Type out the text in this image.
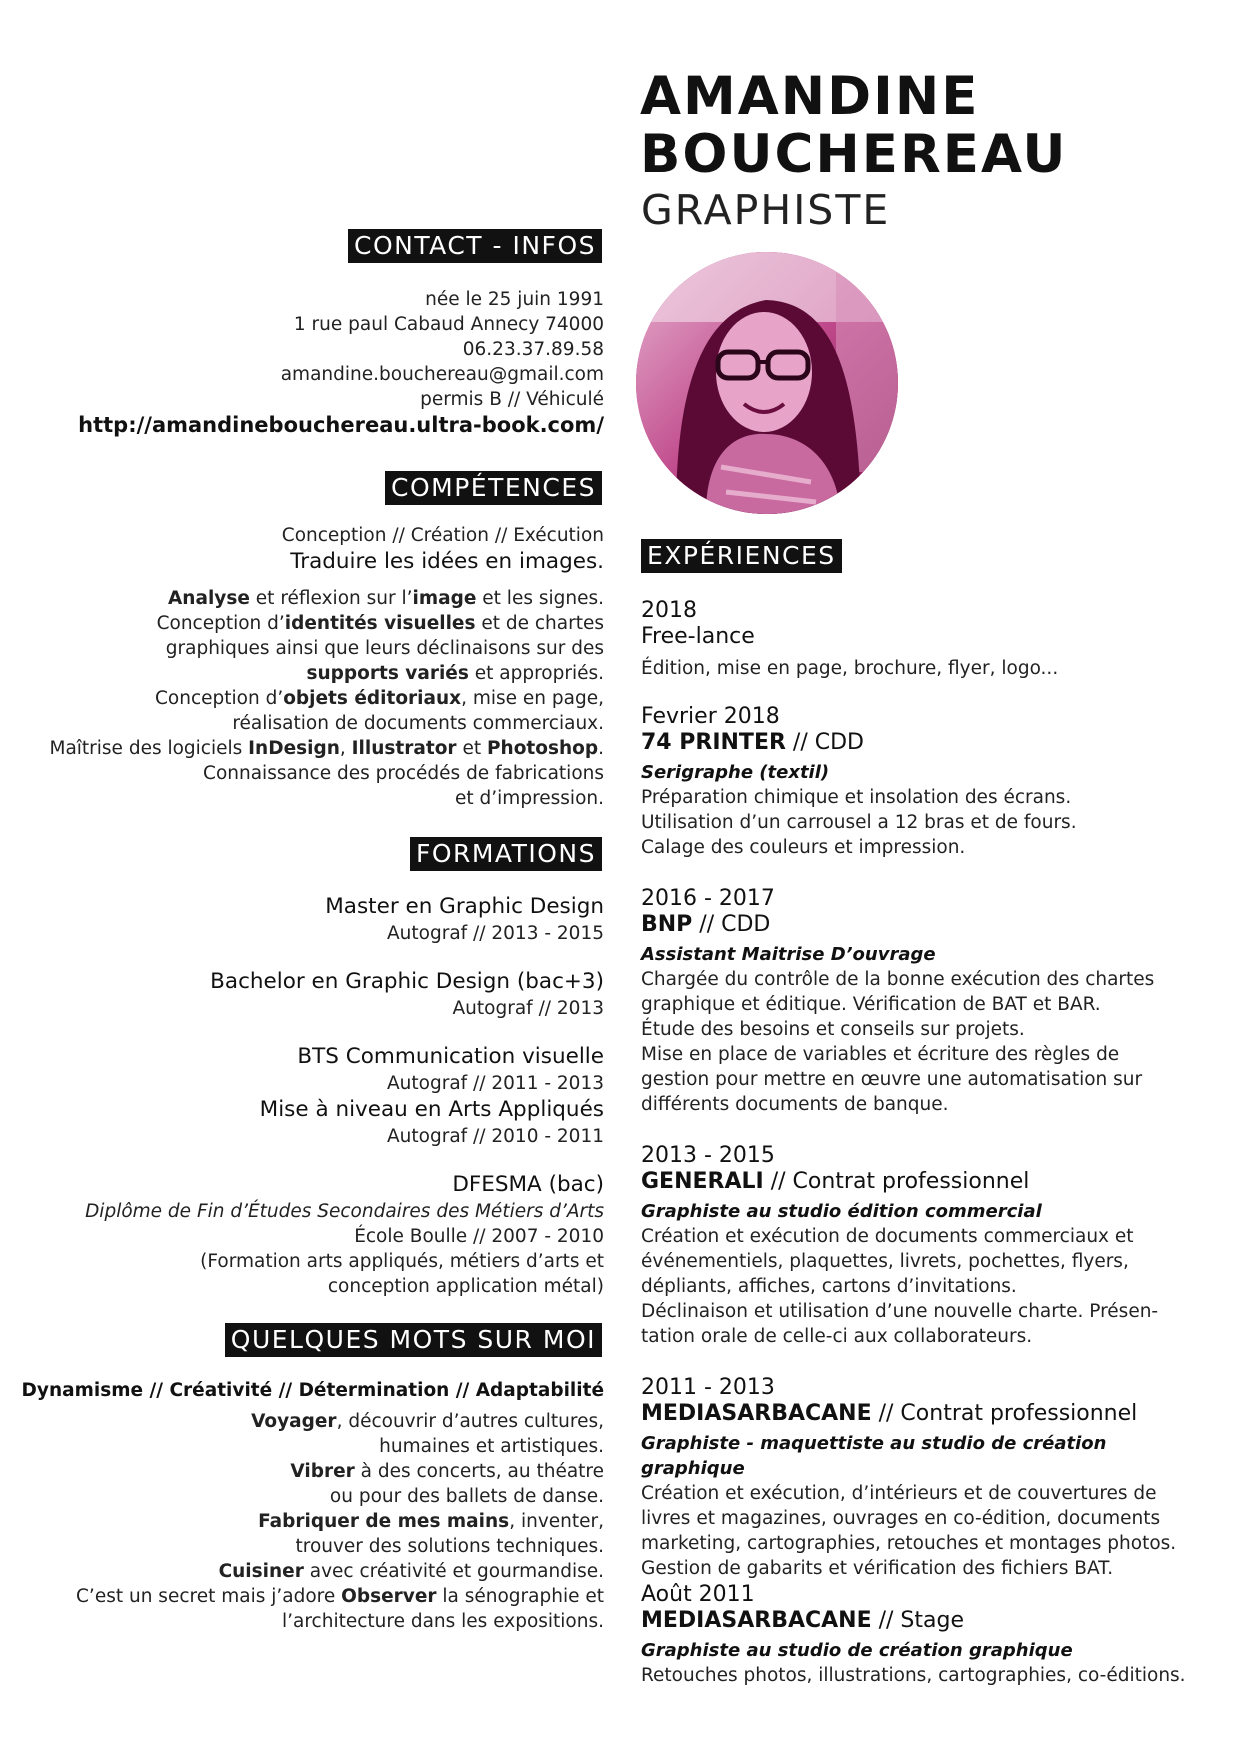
AMANDINE
BOUCHEREAU
GRAPHISTE
CONTACT - INFOS
née le 25 juin 1991
1 rue paul Cabaud Annecy 74000
06.23.37.89.58
amandine.bouchereau@gmail.com
permis B // Véhiculé
http://amandinebouchereau.ultra-book.com/
COMPÉTENCES
Conception // Création // Exécution
Traduire les idées en images.
Analyse et réflexion sur l’image et les signes.
Conception d’identités visuelles et de chartes
graphiques ainsi que leurs déclinaisons sur des
supports variés et appropriés.
Conception d’objets éditoriaux, mise en page,
réalisation de documents commerciaux.
Maîtrise des logiciels InDesign, Illustrator et Photoshop.
Connaissance des procédés de fabrications
et d’impression.
FORMATIONS
Master en Graphic Design
Autograf // 2013 - 2015
Bachelor en Graphic Design (bac+3)
Autograf // 2013
BTS Communication visuelle
Autograf // 2011 - 2013
Mise à niveau en Arts Appliqués
Autograf // 2010 - 2011
DFESMA (bac)
Diplôme de Fin d’Études Secondaires des Métiers d’Arts
École Boulle // 2007 - 2010
(Formation arts appliqués, métiers d’arts et
conception application métal)
QUELQUES MOTS SUR MOI
Dynamisme // Créativité // Détermination // Adaptabilité
Voyager, découvrir d’autres cultures,
humaines et artistiques.
Vibrer à des concerts, au théatre
ou pour des ballets de danse.
Fabriquer de mes mains, inventer,
trouver des solutions techniques.
Cuisiner avec créativité et gourmandise.
C’est un secret mais j’adore Observer la sénographie et
l’architecture dans les expositions.
EXPÉRIENCES
2018
Free-lance
Édition, mise en page, brochure, flyer, logo...
Fevrier 2018
74 PRINTER // CDD
Serigraphe (textil)
Préparation chimique et insolation des écrans.
Utilisation d’un carrousel a 12 bras et de fours.
Calage des couleurs et impression.
2016 - 2017
BNP // CDD
Assistant Maitrise D’ouvrage
Chargée du contrôle de la bonne exécution des chartes
graphique et éditique. Vérification de BAT et BAR.
Étude des besoins et conseils sur projets.
Mise en place de variables et écriture des règles de
gestion pour mettre en œuvre une automatisation sur
différents documents de banque.
2013 - 2015
GENERALI // Contrat professionnel
Graphiste au studio édition commercial
Création et exécution de documents commerciaux et
événementiels, plaquettes, livrets, pochettes, flyers,
dépliants, affiches, cartons d’invitations.
Déclinaison et utilisation d’une nouvelle charte. Présen-
tation orale de celle-ci aux collaborateurs.
2011 - 2013
MEDIASARBACANE // Contrat professionnel
Graphiste - maquettiste au studio de création graphique
Création et exécution, d’intérieurs et de couvertures de
livres et magazines, ouvrages en co-édition, documents
marketing, cartographies, retouches et montages photos.
Gestion de gabarits et vérification des fichiers BAT.
Août 2011
MEDIASARBACANE // Stage
Graphiste au studio de création graphique
Retouches photos, illustrations, cartographies, co-éditions.
